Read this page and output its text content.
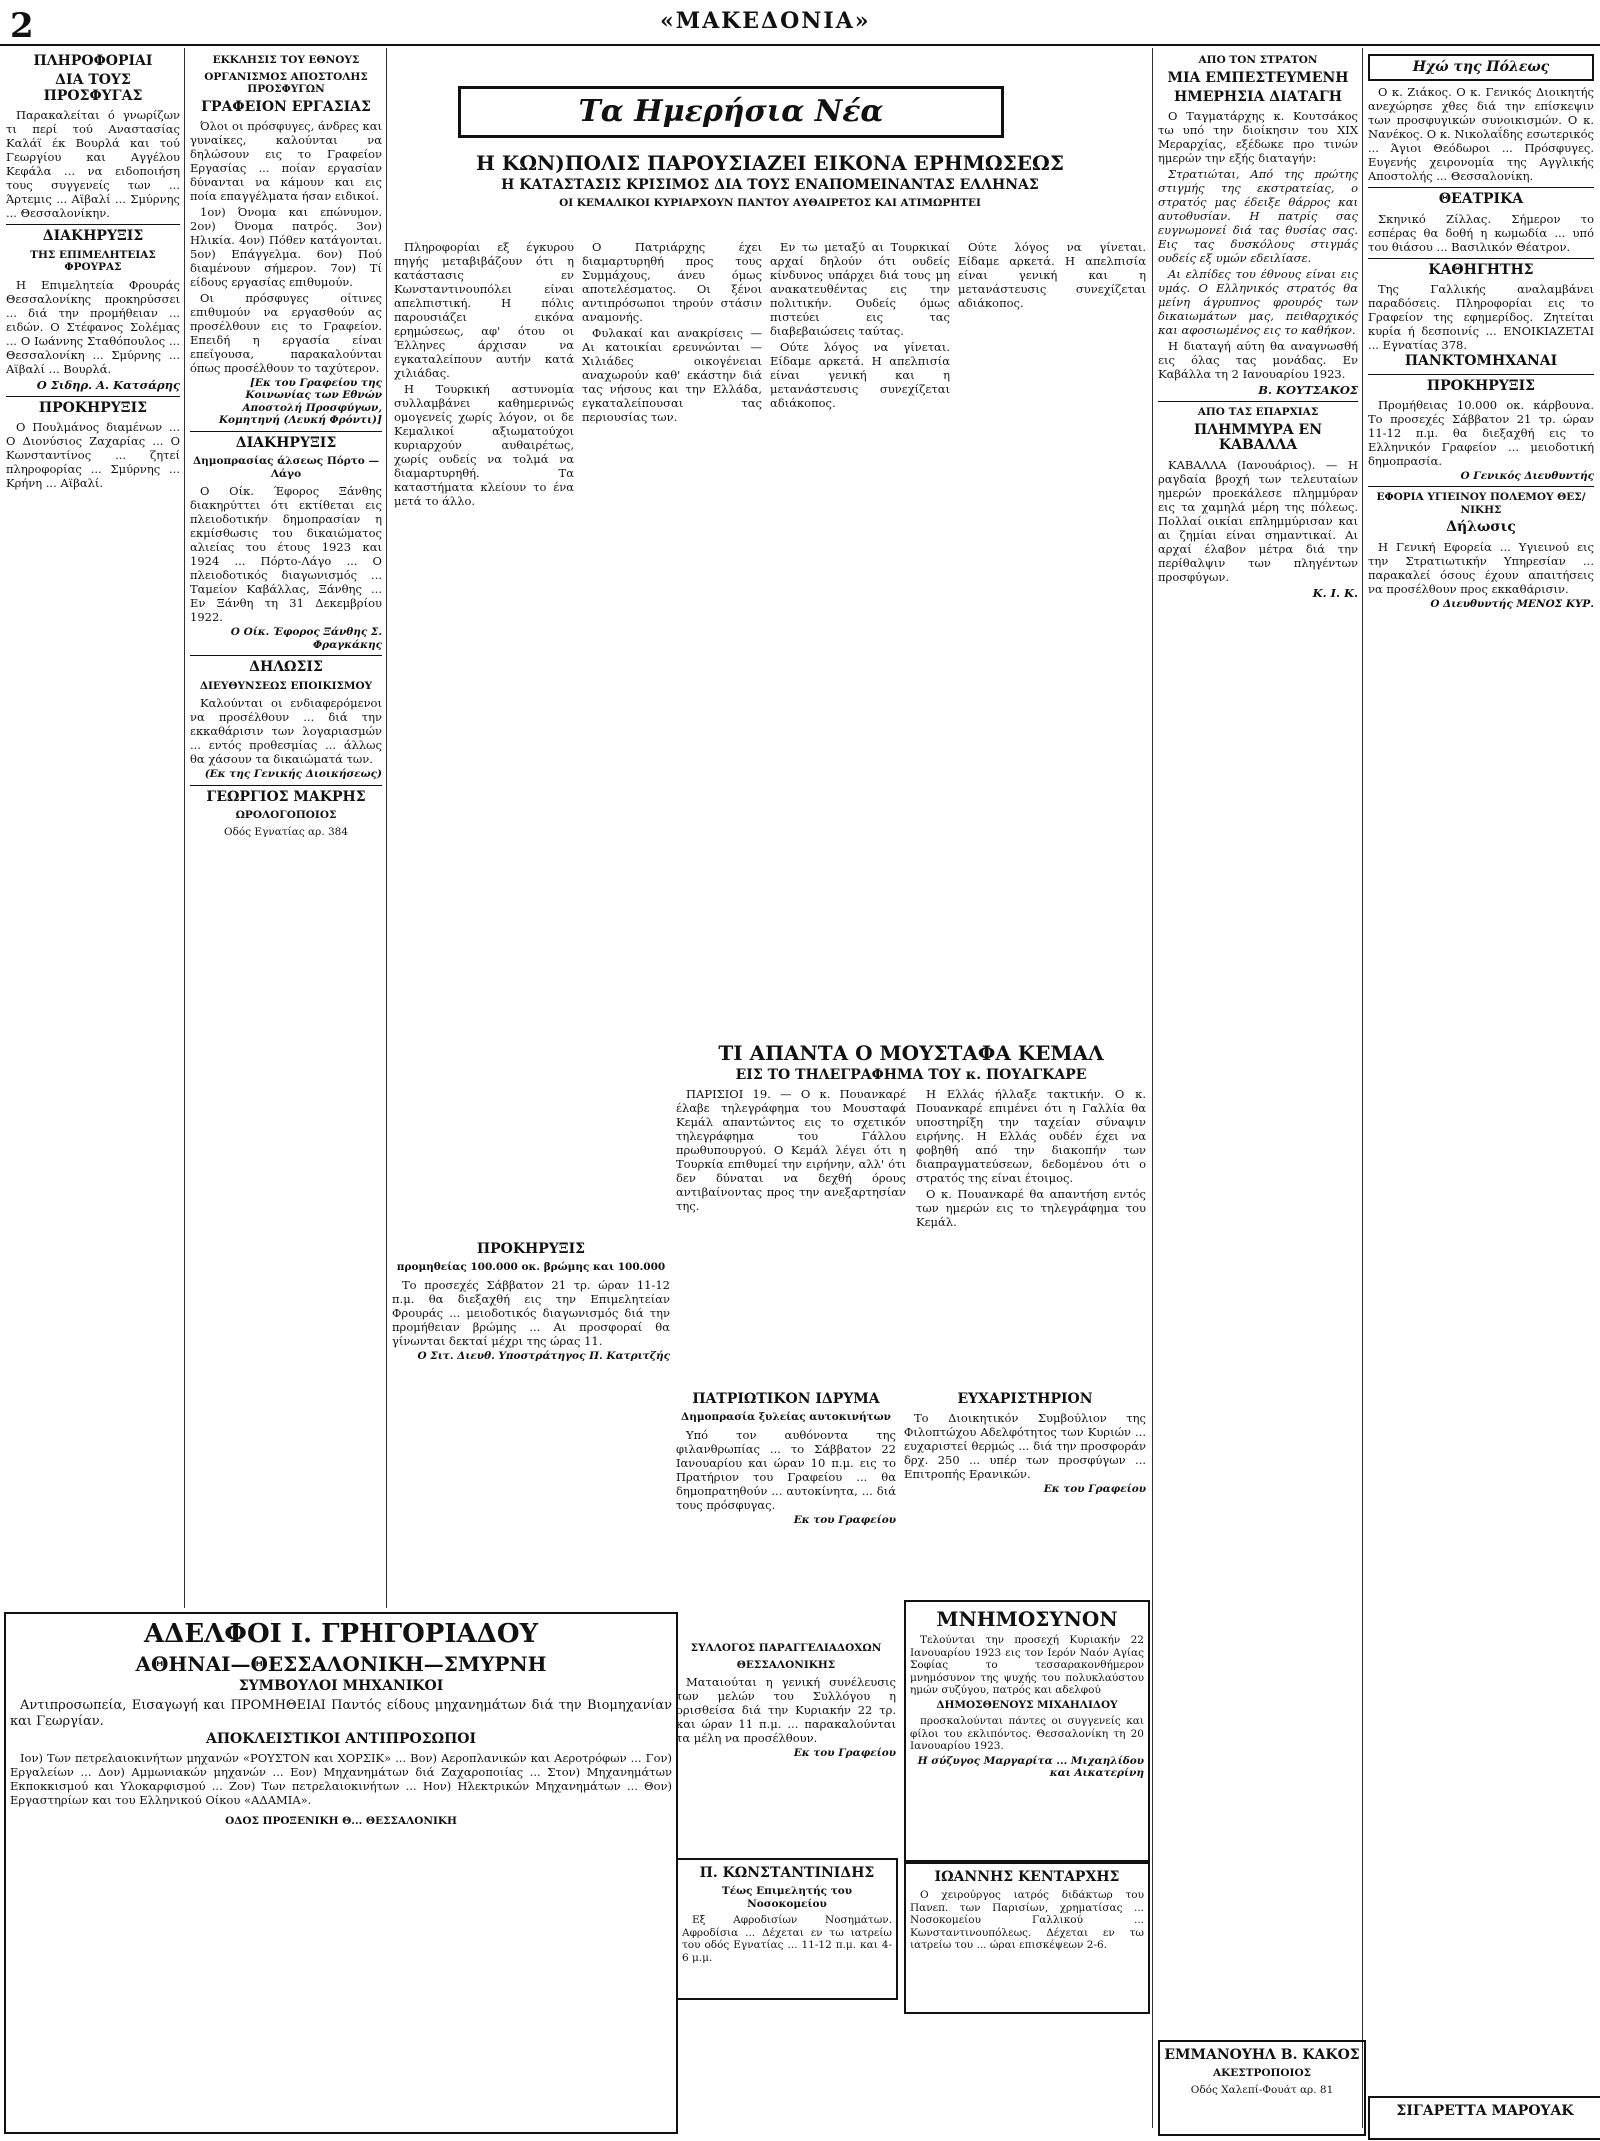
2	«ΜΑΚΕΔΟΝΙΑ»
ΠΛΗΡΟΦΟΡΙΑΙ
ΔΙΑ ΤΟΥΣ ΠΡΟΣΦΥΓΑΣ

Παρακαλείται ό γνωρίζων τι περί τού Αναστασίας Καλάϊ έκ Βουρλά και τού Γεωργίου και Αγγέλου Κεφάλα ... να ειδοποιήση τους συγγενείς των ... Άρτεμις ... Αϊβαλί ... Σμύρνης ... Θεσσαλονίκην.

ΔΙΑΚΗΡΥΞΙΣ
ΤΗΣ ΕΠΙΜΕΛΗΤΕΙΑΣ ΦΡΟΥΡΑΣ

Η Επιμελητεία Φρουράς Θεσσαλονίκης προκηρύσσει ... διά την προμήθειαν ... ειδών. Ο Στέφανος Σολέμας ... Ο Ιωάννης Σταθόπουλος ... Θεσσαλονίκη ... Σμύρνης ... Αϊβαλί ... Βουρλά.

Ο Σιδηρ. Α. Κατσάρης
ΠΡΟΚΗΡΥΞΙΣ

Ο Πουλμάνος διαμένων ... Ο Διονύσιος Ζαχαρίας ... Ο Κωνσταντίνος ... ζητεί πληροφορίας ... Σμύρνης ... Κρήνη ... Αϊβαλί.

ΕΚΚΛΗΣΙΣ ΤΟΥ ΕΘΝΟΥΣ
ΟΡΓΑΝΙΣΜΟΣ ΑΠΟΣΤΟΛΗΣ ΠΡΟΣΦΥΓΩΝ
ΓΡΑΦΕΙΟΝ ΕΡΓΑΣΙΑΣ

Όλοι οι πρόσφυγες, άνδρες και γυναίκες, καλούνται να δηλώσουν εις το Γραφείον Εργασίας ... ποίαν εργασίαν δύνανται να κάμουν και εις ποία επαγγέλματα ήσαν ειδικοί.

1ον) Όνομα και επώνυμον. 2ον) Όνομα πατρός. 3ον) Ηλικία. 4ον) Πόθεν κατάγονται. 5ον) Επάγγελμα. 6ον) Πού διαμένουν σήμερον. 7ον) Τί είδους εργασίας επιθυμούν.

Οι πρόσφυγες οίτινες επιθυμούν να εργασθούν ας προσέλθουν εις το Γραφείον. Επειδή η εργασία είναι επείγουσα, παρακαλούνται όπως προσέλθουν το ταχύτερον.

[Εκ του Γραφείου της Κοινωνίας των Εθνών Αποστολή Προσφύγων, Κομητηνή (Λευκή Φρόντι)]
ΔΙΑΚΗΡΥΞΙΣ
Δημοπρασίας άλσεως Πόρτο — Λάγο

Ο Οίκ. Έφορος Ξάνθης διακηρύττει ότι εκτίθεται εις πλειοδοτικήν δημοπρασίαν η εκμίσθωσις του δικαιώματος αλιείας του έτους 1923 και 1924 ... Πόρτο-Λάγο ... Ο πλειοδοτικός διαγωνισμός ... Ταμείον Καβάλλας, Ξάνθης ... Εν Ξάνθη τη 31 Δεκεμβρίου 1922.

Ο Οίκ. Έφορος Ξάνθης Σ. Φραγκάκης
ΔΗΛΩΣΙΣ
ΔΙΕΥΘΥΝΣΕΩΣ ΕΠΟΙΚΙΣΜΟΥ

Καλούνται οι ενδιαφερόμενοι να προσέλθουν ... διά την εκκαθάρισιν των λογαριασμών ... εντός προθεσμίας ... άλλως θα χάσουν τα δικαιώματά των.

(Εκ της Γενικής Διοικήσεως)
ΓΕΩΡΓΙΟΣ ΜΑΚΡΗΣ
ΩΡΟΛΟΓΟΠΟΙΟΣ
Οδός Εγνατίας αρ. 384
Τα Ημερήσια Νέα
Η ΚΩΝ)ΠΟΛΙΣ ΠΑΡΟΥΣΙΑΖΕΙ ΕΙΚΟΝΑ ΕΡΗΜΩΣΕΩΣ
Η ΚΑΤΑΣΤΑΣΙΣ ΚΡΙΣΙΜΟΣ ΔΙΑ ΤΟΥΣ ΕΝΑΠΟΜΕΙΝΑΝΤΑΣ ΕΛΛΗΝΑΣ
ΟΙ ΚΕΜΑΛΙΚΟΙ ΚΥΡΙΑΡΧΟΥΝ ΠΑΝΤΟΥ ΑΥΘΑΙΡΕΤΟΣ ΚΑΙ ΑΤΙΜΩΡΗΤΕΙ

Πληροφορίαι εξ έγκυρου πηγής μεταβιβάζουν ότι η κατάστασις εν Κωνσταντινουπόλει είναι απελπιστική. Η πόλις παρουσιάζει εικόνα ερημώσεως, αφ' ότου οι Έλληνες άρχισαν να εγκαταλείπουν αυτήν κατά χιλιάδας.

Η Τουρκική αστυνομία συλλαμβάνει καθημερινώς ομογενείς χωρίς λόγον, οι δε Κεμαλικοί αξιωματούχοι κυριαρχούν αυθαιρέτως, χωρίς ουδείς να τολμά να διαμαρτυρηθή. Τα καταστήματα κλείουν το ένα μετά το άλλο.

Ο Πατριάρχης έχει διαμαρτυρηθή προς τους Συμμάχους, άνευ όμως αποτελέσματος. Οι ξένοι αντιπρόσωποι τηρούν στάσιν αναμονής.

Φυλακαί και ανακρίσεις — Αι κατοικίαι ερευνώνται — Χιλιάδες οικογένειαι αναχωρούν καθ' εκάστην διά τας νήσους και την Ελλάδα, εγκαταλείπουσαι τας περιουσίας των.

Εν τω μεταξύ αι Τουρκικαί αρχαί δηλούν ότι ουδείς κίνδυνος υπάρχει διά τους μη ανακατευθέντας εις την πολιτικήν. Ουδείς όμως πιστεύει εις τας διαβεβαιώσεις ταύτας.

Ούτε λόγος να γίνεται. Είδαμε αρκετά. Η απελπισία είναι γενική και η μετανάστευσις συνεχίζεται αδιάκοπος.

Ούτε λόγος να γίνεται. Είδαμε αρκετά. Η απελπισία είναι γενική και η μετανάστευσις συνεχίζεται αδιάκοπος.

ΤΙ ΑΠΑΝΤΑ Ο ΜΟΥΣΤΑΦΑ ΚΕΜΑΛ
ΕΙΣ ΤΟ ΤΗΛΕΓΡΑΦΗΜΑ ΤΟΥ κ. ΠΟΥΑΓΚΑΡΕ

ΠΑΡΙΣΙΟΙ 19. — Ο κ. Πουανκαρέ έλαβε τηλεγράφημα του Μουσταφά Κεμάλ απαντώντος εις το σχετικόν τηλεγράφημα του Γάλλου πρωθυπουργού. Ο Κεμάλ λέγει ότι η Τουρκία επιθυμεί την ειρήνην, αλλ' ότι δεν δύναται να δεχθή όρους αντιβαίνοντας προς την ανεξαρτησίαν της.

Η Ελλάς ήλλαξε τακτικήν. Ο κ. Πουανκαρέ επιμένει ότι η Γαλλία θα υποστηρίξη την ταχείαν σύναψιν ειρήνης. Η Ελλάς ουδέν έχει να φοβηθή από την διακοπήν των διαπραγματεύσεων, δεδομένου ότι ο στρατός της είναι έτοιμος.

Ο κ. Πουανκαρέ θα απαντήση εντός των ημερών εις το τηλεγράφημα του Κεμάλ.

ΠΡΟΚΗΡΥΞΙΣ
προμηθείας 100.000 οκ. βρώμης και 100.000

Το προσεχές Σάββατον 21 τρ. ώραν 11-12 π.μ. θα διεξαχθή εις την Επιμελητείαν Φρουράς ... μειοδοτικός διαγωνισμός διά την προμήθειαν βρώμης ... Αι προσφοραί θα γίνωνται δεκταί μέχρι της ώρας 11.

Ο Σιτ. Διευθ. Υποστράτηγος Π. Κατριτζής
ΠΑΤΡΙΩΤΙΚΟΝ ΙΔΡΥΜΑ
Δημοπρασία ξυλείας αυτοκινήτων

Υπό τον αυθόνοντα της φιλανθρωπίας ... το Σάββατον 22 Ιανουαρίου και ώραν 10 π.μ. εις το Πρατήριον του Γραφείου ... θα δημοπρατηθούν ... αυτοκίνητα, ... διά τους πρόσφυγας.

Εκ του Γραφείου
ΕΥΧΑΡΙΣΤΗΡΙΟΝ

Το Διοικητικόν Συμβούλιον της Φιλοπτώχου Αδελφότητος των Κυριών ... ευχαριστεί θερμώς ... διά την προσφοράν δρχ. 250 ... υπέρ των προσφύγων ... Επιτροπής Ερανικών.

Εκ του Γραφείου
ΑΔΕΛΦΟΙ Ι. ΓΡΗΓΟΡΙΑΔΟΥ
ΑΘΗΝΑΙ—ΘΕΣΣΑΛΟΝΙΚΗ—ΣΜΥΡΝΗ
ΣΥΜΒΟΥΛΟΙ ΜΗΧΑΝΙΚΟΙ

Αντιπροσωπεία, Εισαγωγή και ΠΡΟΜΗΘΕΙΑΙ Παντός είδους μηχανημάτων διά την Βιομηχανίαν και Γεωργίαν.

ΑΠΟΚΛΕΙΣΤΙΚΟΙ ΑΝΤΙΠΡΟΣΩΠΟΙ

Ιον) Των πετρελαιοκινήτων μηχανών «ΡΟΥΣΤΟΝ και ΧΟΡΣΙΚ» ... Βον) Αεροπλανικών και Αεροτρόφων ... Γον) Εργαλείων ... Δον) Αμμωνιακών μηχανών ... Εον) Μηχανημάτων διά Ζαχαροποιίας ... Στον) Μηχανημάτων Εκποκκισμού και Υλοκαρφισμού ... Ζον) Των πετρελαιοκινήτων ... Ηον) Ηλεκτρικών Μηχανημάτων ... Θον) Εργαστηρίων και του Ελληνικού Οίκου «ΑΔΑΜΙΑ».

ΟΔΟΣ ΠΡΟΞΕΝΙΚΗ Θ... ΘΕΣΣΑΛΟΝΙΚΗ
ΣΥΛΛΟΓΟΣ ΠΑΡΑΓΓΕΛΙΑΔΟΧΩΝ
ΘΕΣΣΑΛΟΝΙΚΗΣ

Ματαιούται η γενική συνέλευσις των μελών του Συλλόγου η ορισθείσα διά την Κυριακήν 22 τρ. και ώραν 11 π.μ. ... παρακαλούνται τα μέλη να προσέλθουν.

Εκ του Γραφείου
Π. ΚΩΝΣΤΑΝΤΙΝΙΔΗΣ
Τέως Επιμελητής του Νοσοκομείου

Εξ Αφροδισίων Νοσημάτων. Αφροδίσια ... Δέχεται εν τω ιατρείω του οδός Εγνατίας ... 11-12 π.μ. και 4-6 μ.μ.

ΜΝΗΜΟΣΥΝΟΝ

Τελούνται την προσεχή Κυριακήν 22 Ιανουαρίου 1923 εις τον Ιερόν Ναόν Αγίας Σοφίας το τεσσαρακονθήμερον μνημόσυνον της ψυχής του πολυκλαύστου ημών συζύγου, πατρός και αδελφού

ΔΗΜΟΣΘΕΝΟΥΣ ΜΙΧΑΗΛΙΔΟΥ

προσκαλούνται πάντες οι συγγενείς και φίλοι του εκλιπόντος. Θεσσαλονίκη τη 20 Ιανουαρίου 1923.

Η σύζυγος Μαργαρίτα ... Μιχαηλίδου και Αικατερίνη
ΙΩΑΝΝΗΣ ΚΕΝΤΑΡΧΗΣ

Ο χειρούργος ιατρός διδάκτωρ του Πανεπ. των Παρισίων, χρηματίσας ... Νοσοκομείου Γαλλικού ... Κωνσταντινουπόλεως. Δέχεται εν τω ιατρείω του ... ώραι επισκέψεων 2-6.

ΑΠΟ ΤΟΝ ΣΤΡΑΤΟΝ
ΜΙΑ ΕΜΠΕΣΤΕΥΜΕΝΗ
ΗΜΕΡΗΣΙΑ ΔΙΑΤΑΓΗ

Ο Ταγματάρχης κ. Κουτσάκος τω υπό την διοίκησιν του ΧΙΧ Μεραρχίας, εξέδωκε προ τινών ημερών την εξής διαταγήν:

Στρατιώται, Από της πρώτης στιγμής της εκστρατείας, ο στρατός μας έδειξε θάρρος και αυτοθυσίαν. Η πατρίς σας ευγνωμονεί διά τας θυσίας σας. Εις τας δυσκόλους στιγμάς ουδείς εξ υμών εδειλίασε.

Αι ελπίδες του έθνους είναι εις υμάς. Ο Ελληνικός στρατός θα μείνη άγρυπνος φρουρός των δικαιωμάτων μας, πειθαρχικός και αφοσιωμένος εις το καθήκον.

Η διαταγή αύτη θα αναγνωσθή εις όλας τας μονάδας. Εν Καβάλλα τη 2 Ιανουαρίου 1923.

Β. ΚΟΥΤΣΑΚΟΣ
ΑΠΟ ΤΑΣ ΕΠΑΡΧΙΑΣ
ΠΛΗΜΜΥΡΑ ΕΝ ΚΑΒΑΛΛΑ

ΚΑΒΑΛΛΑ (Ιανουάριος). — Η ραγδαία βροχή των τελευταίων ημερών προεκάλεσε πλημμύραν εις τα χαμηλά μέρη της πόλεως. Πολλαί οικίαι επλημμύρισαν και αι ζημίαι είναι σημαντικαί. Αι αρχαί έλαβον μέτρα διά την περίθαλψιν των πληγέντων προσφύγων.

Κ. Ι. Κ.
ΕΜΜΑΝΟΥΗΛ Β. ΚΑΚΟΣ
ΑΚΕΣΤΡΟΠΟΙΟΣ
Οδός Χαλεπί-Φουάτ αρ. 81
Ηχώ της Πόλεως

Ο κ. Ζιάκος. Ο κ. Γενικός Διοικητής ανεχώρησε χθες διά την επίσκεψιν των προσφυγικών συνοικισμών. Ο κ. Νανέκος. Ο κ. Νικολαΐδης εσωτερικός ... Άγιοι Θεόδωροι ... Πρόσφυγες. Ευγενής χειρονομία της Αγγλικής Αποστολής ... Θεσσαλονίκη.

ΘΕΑΤΡΙΚΑ

Σκηνικό Ζίλλας. Σήμερον το εσπέρας θα δοθή η κωμωδία ... υπό του θιάσου ... Βασιλικόν Θέατρον.

ΚΑΘΗΓΗΤΗΣ

Της Γαλλικής αναλαμβάνει παραδόσεις. Πληροφορίαι εις το Γραφείον της εφημερίδος. Ζητείται κυρία ή δεσποινίς ... ΕΝΟΙΚΙΑΖΕΤΑΙ ... Εγνατίας 378.

ΠΑΝΚΤΟΜΗΧΑΝΑΙ
ΠΡΟΚΗΡΥΞΙΣ

Προμήθειας 10.000 οκ. κάρβουνα. Το προσεχές Σάββατον 21 τρ. ώραν 11-12 π.μ. θα διεξαχθή εις το Ελληνικόν Γραφείον ... μειοδοτική δημοπρασία.

Ο Γενικός Διευθυντής
ΕΦΟΡΙΑ ΥΓΙΕΙΝΟΥ ΠΟΛΕΜΟΥ ΘΕΣ/ΝΙΚΗΣ
Δήλωσις

Η Γενική Εφορεία ... Υγιεινού εις την Στρατιωτικήν Υπηρεσίαν ... παρακαλεί όσους έχουν απαιτήσεις να προσέλθουν προς εκκαθάρισιν.

Ο Διευθυντής ΜΕΝΟΣ ΚΥΡ.
ΣΙΓΑΡΕΤΤΑ ΜΑΡΟΥΑΚ
